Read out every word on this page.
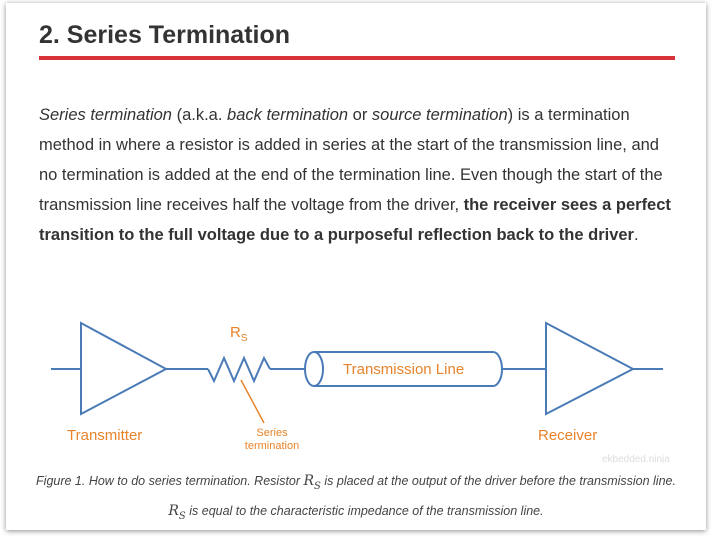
2. Series Termination

Series termination (a.k.a. back termination or source termination) is a termination method in where a resistor is added in series at the start of the transmission line, and no termination is added at the end of the termination line. Even though the start of the transmission line receives half the voltage from the driver, the receiver sees a perfect transition to the full voltage due to a purposeful reflection back to the driver.

$R_S$
Transmission Line
Transmitter	Series
termination
Receiver
ekbedded.ninja

Figure 1. How to do series termination. Resistor $R_S$ is placed at the output of the driver before the transmission line. $R_S$ is equal to the characteristic impedance of the transmission line.
